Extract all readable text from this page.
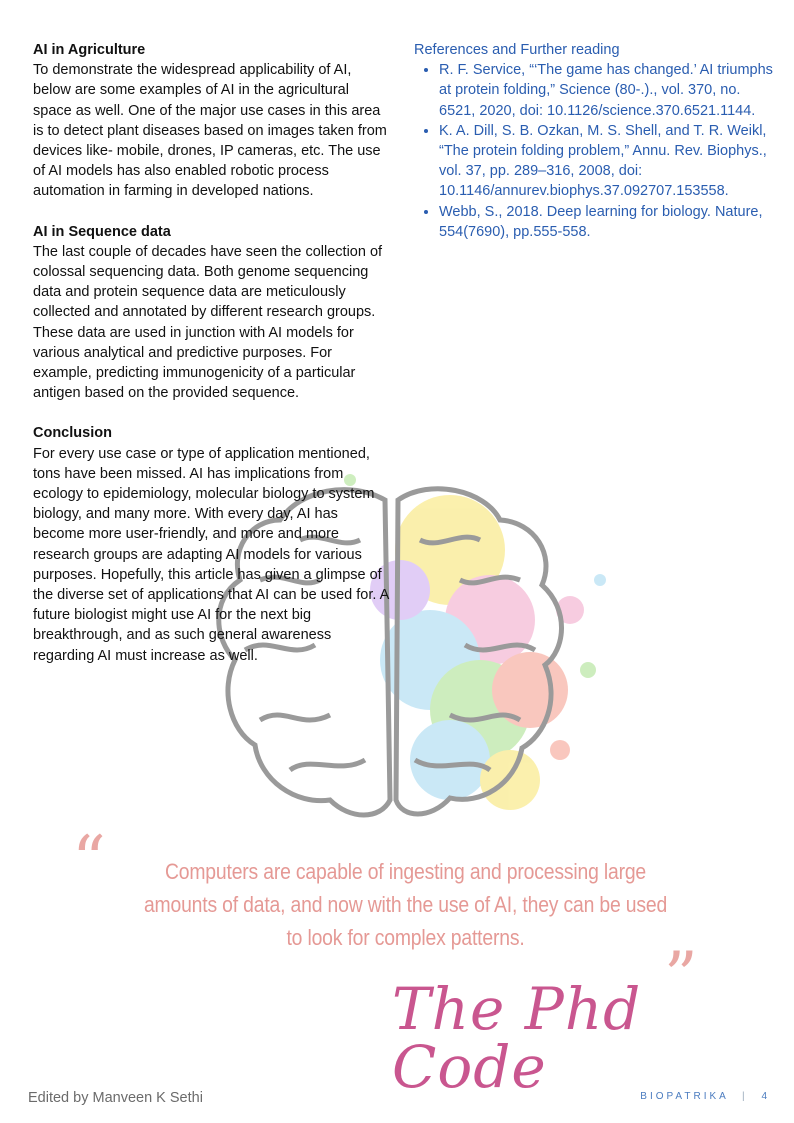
AI in Agriculture

To demonstrate the widespread applicability of AI, below are some examples of AI in the agricultural space as well. One of the major use cases in this area is to detect plant diseases based on images taken from devices like- mobile, drones, IP cameras, etc. The use of AI models has also enabled robotic process automation in farming in developed nations.

AI in Sequence data

The last couple of decades have seen the collection of colossal sequencing data. Both genome sequencing data and protein sequence data are meticulously collected and annotated by different research groups. These data are used in junction with AI models for various analytical and predictive purposes. For example, predicting immunogenicity of a particular antigen based on the provided sequence.

Conclusion

For every use case or type of application mentioned, tons have been missed. AI has implications from ecology to epidemiology, molecular biology to system biology, and many more. With every day, AI has become more user-friendly, and more and more research groups are adapting AI models for various purposes. Hopefully, this article has given a glimpse of the diverse set of applications that AI can be used for. A future biologist might use AI for the next big breakthrough, and as such general awareness regarding AI must increase as well.

References and Further reading
• R. F. Service, “‘The game has changed.’ AI triumphs at protein folding,” Science (80-.)., vol. 370, no. 6521, 2020, doi: 10.1126/science.370.6521.1144.
• K. A. Dill, S. B. Ozkan, M. S. Shell, and T. R. Weikl, “The protein folding problem,” Annu. Rev. Biophys., vol. 37, pp. 289–316, 2008, doi: 10.1146/annurev.biophys.37.092707.153558.
• Webb, S., 2018. Deep learning for biology. Nature, 554(7690), pp.555-558.
“	Computers are capable of ingesting and processing large amounts of data, and now with the use of AI, they can be used to look for complex patterns.
”
The Phd Code
Edited by Manveen K Sethi	BIOPATRIKA | 4
